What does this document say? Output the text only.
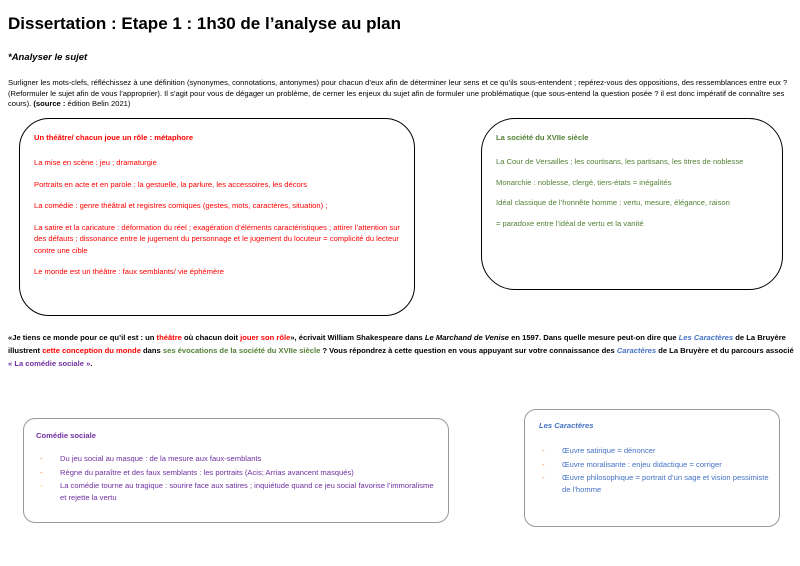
Dissertation : Etape 1 : 1h30 de l’analyse au plan
*Analyser le sujet
Surligner les mots-clefs, réfléchissez à une définition (synonymes, connotations, antonymes) pour chacun d’eux afin de déterminer leur sens et ce qu’ils sous-entendent ; repérez-vous des oppositions, des ressemblances entre eux ? (Reformuler le sujet afin de vous l’approprier). Il s’agit pour vous de dégager un problème, de cerner les enjeux du sujet afin de formuler une problématique (que sous-entend la question posée ? il est donc impératif de connaître ses cours). (source : édition Belin 2021)
Un théâtre/ chacun joue un rôle : métaphore

La mise en scène : jeu ; dramaturgie

Portraits en acte et en parole : la gestuelle, la parlure, les accessoires, les décors

La comédie : genre théâtral et registres comiques (gestes, mots, caractères, situation) ;

La satire et la caricature : déformation du réel ; exagération d’éléments caractéristiques ; attirer l’attention sur des défauts ; dissonance entre le jugement du personnage et le jugement du locuteur = complicité du lecteur contre une cible

Le monde est un théâtre : faux semblants/ vie éphémère

La société du XVIIe siècle

La Cour de Versailles ; les courtisans, les partisans, les titres de noblesse

Monarchie : noblesse, clergé, tiers-états = inégalités

Idéal classique de l’honnête homme : vertu, mesure, élégance, raison

= paradoxe entre l’idéal de vertu et la vanité

«Je tiens ce monde pour ce qu’il est : un théâtre où chacun doit jouer son rôle», écrivait William Shakespeare dans Le Marchand de Venise en 1597. Dans quelle mesure peut-on dire que Les Caractères de La Bruyère illustrent cette conception du monde dans ses évocations de la société du XVIIe siècle ? Vous répondrez à cette question en vous appuyant sur votre connaissance des Caractères de La Bruyère et du parcours associé « La comédie sociale ».
Comédie sociale
- Du jeu social au masque : de la mesure aux faux-semblants
- Règne du paraître et des faux semblants : les portraits (Acis; Arrias avancent masqués)
- La comédie tourne au tragique : sourire face aux satires ; inquiétude quand ce jeu social favorise l’immoralisme et rejette la vertu
Les Caractères
- Œuvre satirique = dénoncer
- Œuvre moralisante : enjeu didactique = corriger
- Œuvre philosophique = portrait d’un sage et vision pessimiste de l’homme
